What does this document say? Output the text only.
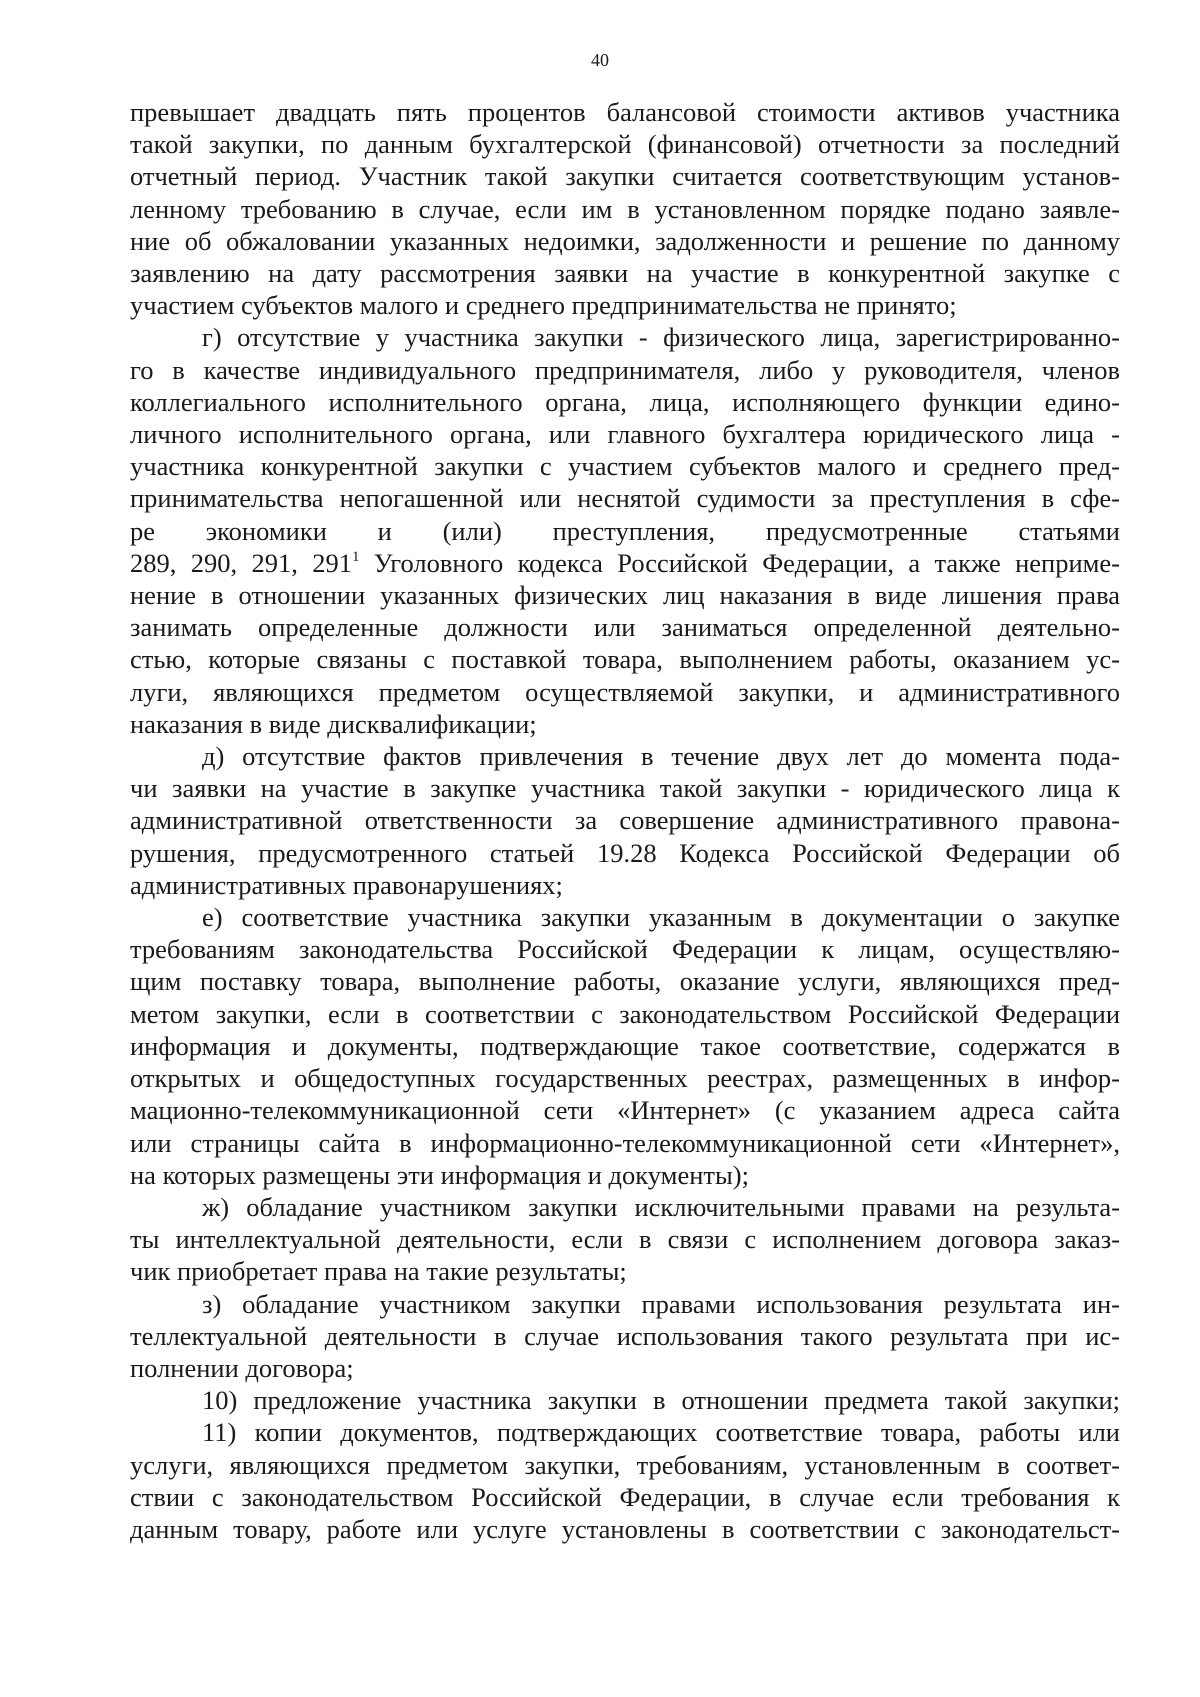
40
превышает двадцать пять процентов балансовой стоимости активов участника
такой закупки, по данным бухгалтерской (финансовой) отчетности за последний
отчетный период. Участник такой закупки считается соответствующим установ-
ленному требованию в случае, если им в установленном порядке подано заявле-
ние об обжаловании указанных недоимки, задолженности и решение по данному
заявлению на дату рассмотрения заявки на участие в конкурентной закупке с
участием субъектов малого и среднего предпринимательства не принято;
г) отсутствие у участника закупки - физического лица, зарегистрированно-
го в качестве индивидуального предпринимателя, либо у руководителя, членов
коллегиального исполнительного органа, лица, исполняющего функции едино-
личного исполнительного органа, или главного бухгалтера юридического лица -
участника конкурентной закупки с участием субъектов малого и среднего пред-
принимательства непогашенной или неснятой судимости за преступления в сфе-
ре экономики и (или) преступления, предусмотренные статьями
289, 290, 291, $291^1$ Уголовного кодекса Российской Федерации, а также неприме-
нение в отношении указанных физических лиц наказания в виде лишения права
занимать определенные должности или заниматься определенной деятельно-
стью, которые связаны с поставкой товара, выполнением работы, оказанием ус-
луги, являющихся предметом осуществляемой закупки, и административного
наказания в виде дисквалификации;
д) отсутствие фактов привлечения в течение двух лет до момента пода-
чи заявки на участие в закупке участника такой закупки - юридического лица к
административной ответственности за совершение административного правона-
рушения, предусмотренного статьей 19.28 Кодекса Российской Федерации об
административных правонарушениях;
е) соответствие участника закупки указанным в документации о закупке
требованиям законодательства Российской Федерации к лицам, осуществляю-
щим поставку товара, выполнение работы, оказание услуги, являющихся пред-
метом закупки, если в соответствии с законодательством Российской Федерации
информация и документы, подтверждающие такое соответствие, содержатся в
открытых и общедоступных государственных реестрах, размещенных в инфор-
мационно-телекоммуникационной сети «Интернет» (с указанием адреса сайта
или страницы сайта в информационно-телекоммуникационной сети «Интернет»,
на которых размещены эти информация и документы);
ж) обладание участником закупки исключительными правами на результа-
ты интеллектуальной деятельности, если в связи с исполнением договора заказ-
чик приобретает права на такие результаты;
з) обладание участником закупки правами использования результата ин-
теллектуальной деятельности в случае использования такого результата при ис-
полнении договора;
10) предложение участника закупки в отношении предмета такой закупки;
11) копии документов, подтверждающих соответствие товара, работы или
услуги, являющихся предметом закупки, требованиям, установленным в соответ-
ствии с законодательством Российской Федерации, в случае если требования к
данным товару, работе или услуге установлены в соответствии с законодательст-
